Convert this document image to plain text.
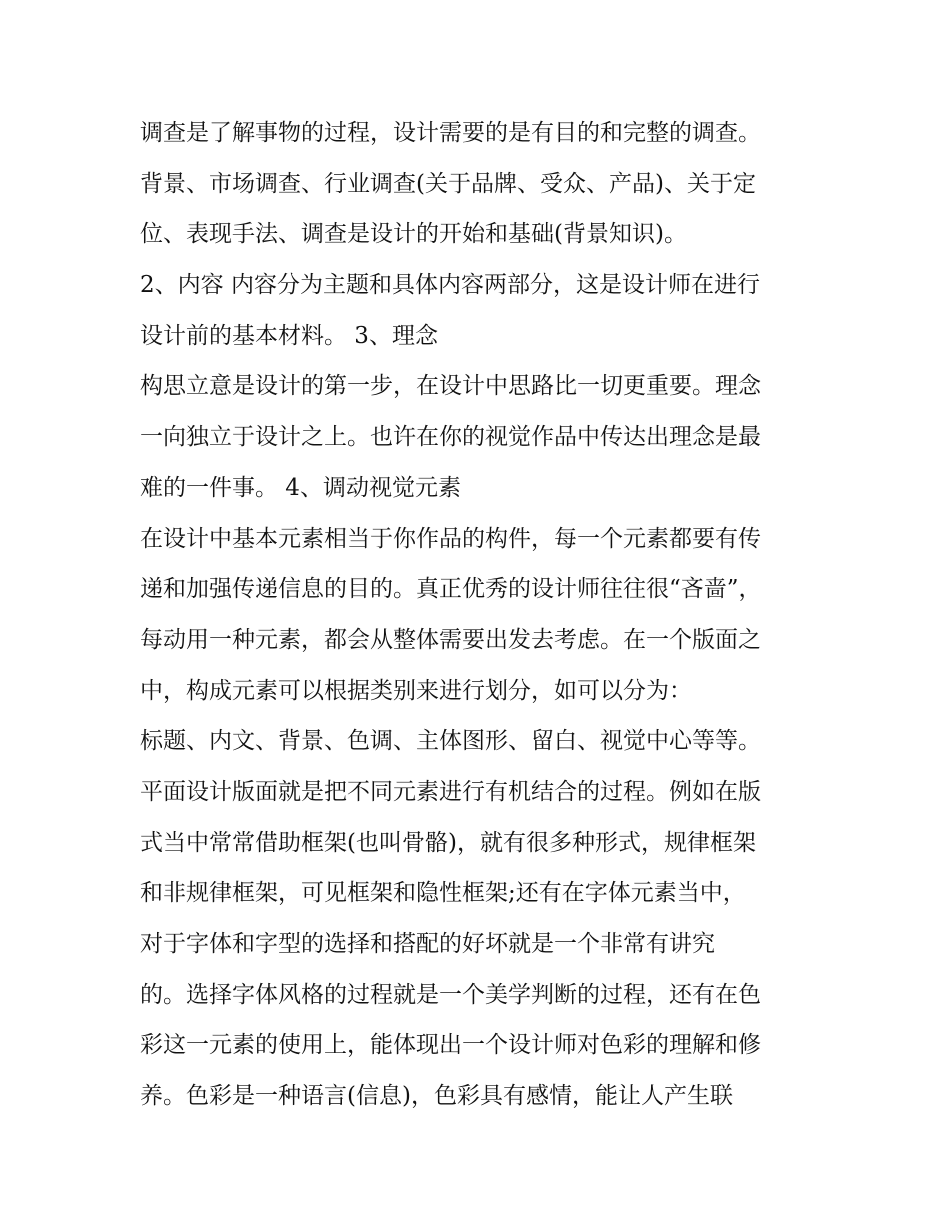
调查是了解事物的过程，设计需要的是有目的和完整的调查。
背景、市场调查、行业调查(关于品牌、受众、产品)、关于定
位、表现手法、调查是设计的开始和基础(背景知识)。
2、内容 内容分为主题和具体内容两部分，这是设计师在进行
设计前的基本材料。 3、理念
构思立意是设计的第一步，在设计中思路比一切更重要。理念
一向独立于设计之上。也许在你的视觉作品中传达出理念是最
难的一件事。 4、调动视觉元素
在设计中基本元素相当于你作品的构件，每一个元素都要有传
递和加强传递信息的目的。真正优秀的设计师往往很“吝啬”，
每动用一种元素，都会从整体需要出发去考虑。在一个版面之
中，构成元素可以根据类别来进行划分，如可以分为：
标题、内文、背景、色调、主体图形、留白、视觉中心等等。
平面设计版面就是把不同元素进行有机结合的过程。例如在版
式当中常常借助框架(也叫骨骼)，就有很多种形式，规律框架
和非规律框架，可见框架和隐性框架;还有在字体元素当中，
对于字体和字型的选择和搭配的好坏就是一个非常有讲究
的。选择字体风格的过程就是一个美学判断的过程，还有在色
彩这一元素的使用上，能体现出一个设计师对色彩的理解和修
养。色彩是一种语言(信息)，色彩具有感情，能让人产生联
